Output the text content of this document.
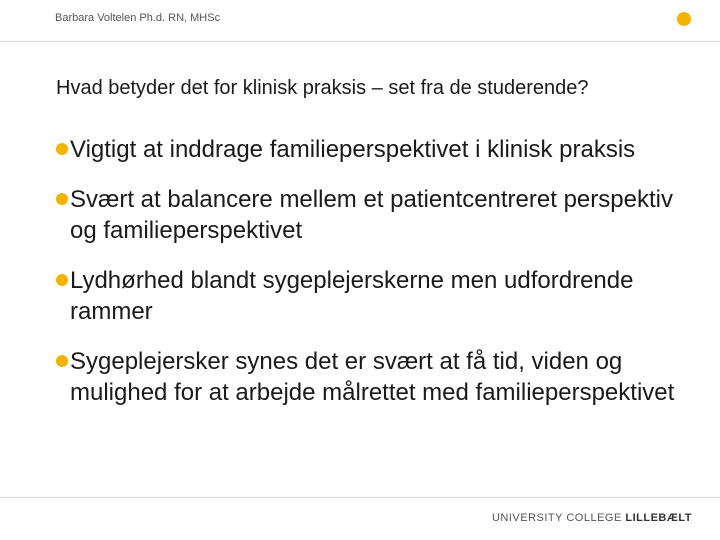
Barbara Voltelen Ph.d. RN, MHSc
Hvad betyder det for klinisk praksis – set fra de studerende?
Vigtigt at inddrage familieperspektivet i klinisk praksis
Svært at balancere mellem et patientcentreret perspektiv og familieperspektivet
Lydhørhed blandt sygeplejerskerne men udfordrende rammer
Sygeplejersker synes det er svært at få tid, viden og mulighed for at arbejde målrettet med familieperspektivet
UNIVERSITY COLLEGE LILLEBÆLT
